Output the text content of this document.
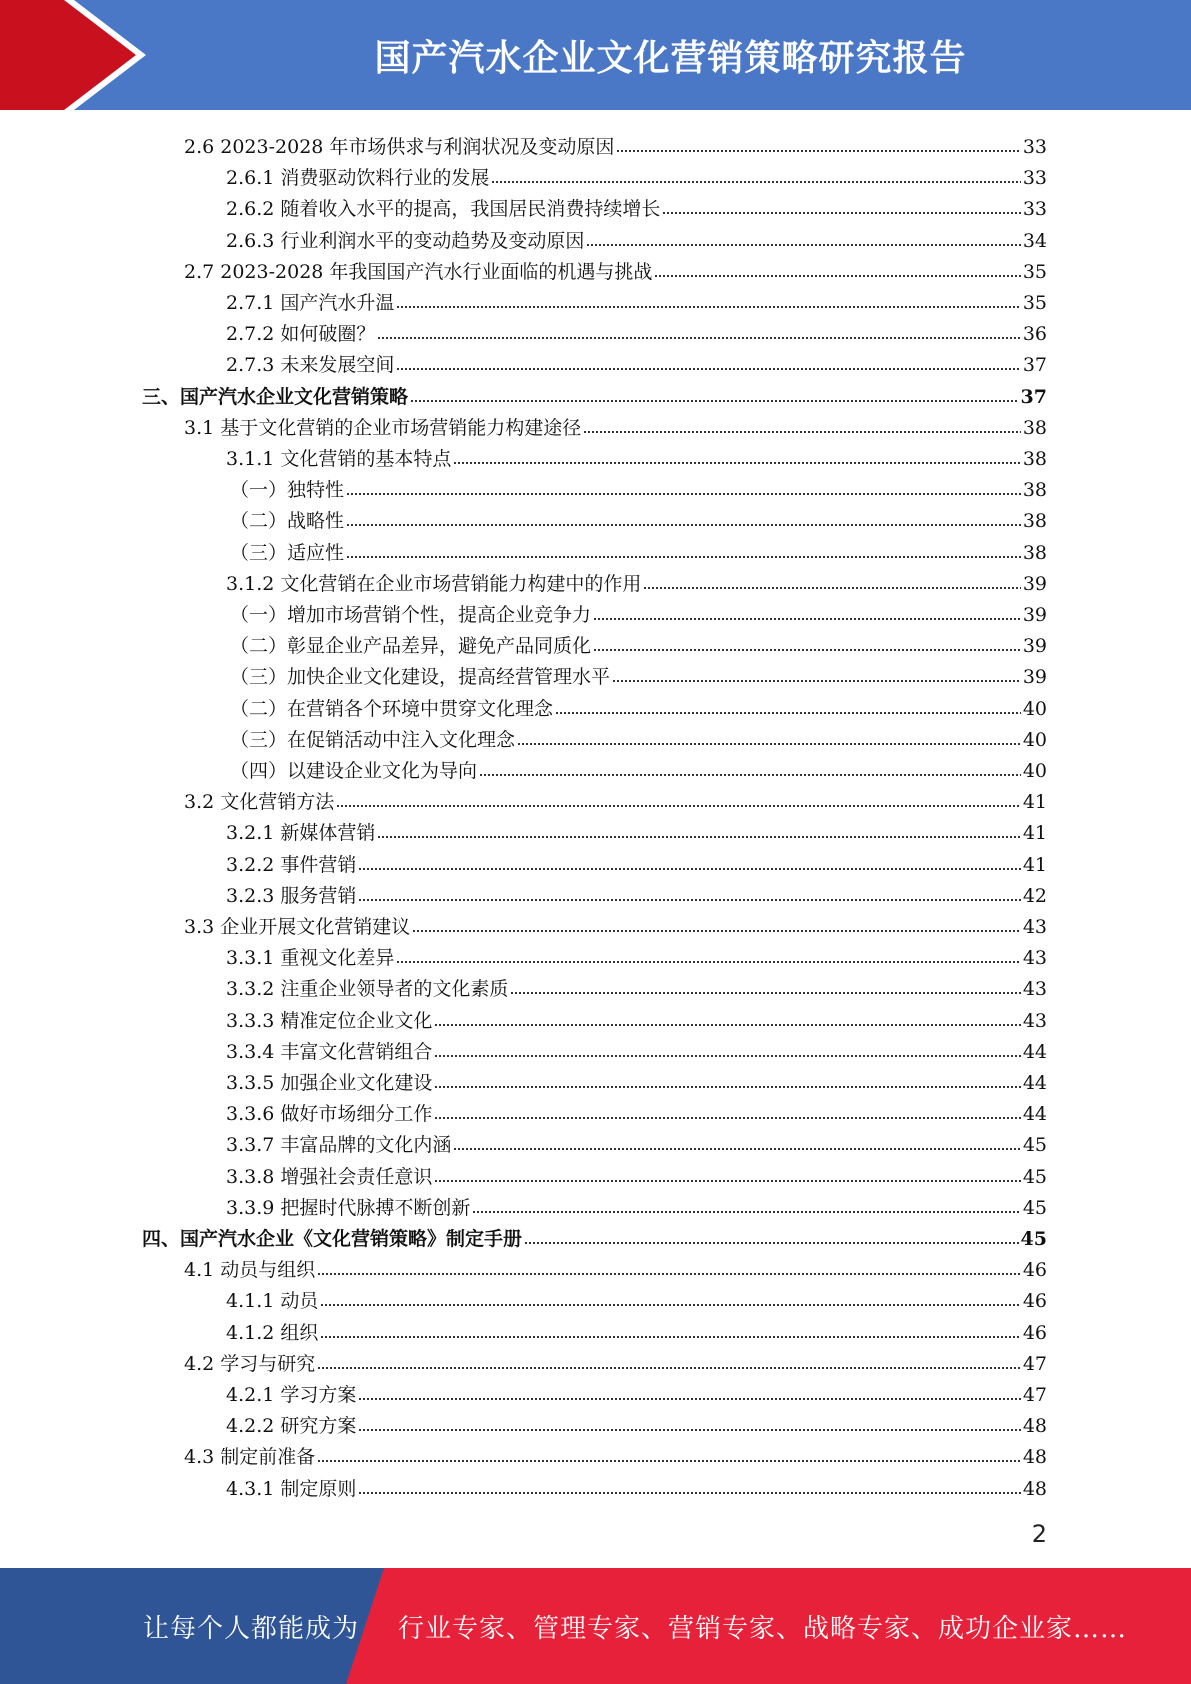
国产汽水企业文化营销策略研究报告
2.6 2023-2028 年市场供求与利润状况及变动原因	33
2.6.1 消费驱动饮料行业的发展	33
2.6.2 随着收入水平的提高，我国居民消费持续增长	33
2.6.3 行业利润水平的变动趋势及变动原因	34
2.7 2023-2028 年我国国产汽水行业面临的机遇与挑战	35
2.7.1 国产汽水升温	35
2.7.2 如何破圈？	36
2.7.3 未来发展空间	37
三、国产汽水企业文化营销策略	37
3.1 基于文化营销的企业市场营销能力构建途径	38
3.1.1 文化营销的基本特点	38
（一）独特性	38
（二）战略性	38
（三）适应性	38
3.1.2 文化营销在企业市场营销能力构建中的作用	39
（一）增加市场营销个性，提高企业竞争力	39
（二）彰显企业产品差异，避免产品同质化	39
（三）加快企业文化建设，提高经营管理水平	39
（二）在营销各个环境中贯穿文化理念	40
（三）在促销活动中注入文化理念	40
（四）以建设企业文化为导向	40
3.2 文化营销方法	41
3.2.1 新媒体营销	41
3.2.2 事件营销	41
3.2.3 服务营销	42
3.3 企业开展文化营销建议	43
3.3.1 重视文化差异	43
3.3.2 注重企业领导者的文化素质	43
3.3.3 精准定位企业文化	43
3.3.4 丰富文化营销组合	44
3.3.5 加强企业文化建设	44
3.3.6 做好市场细分工作	44
3.3.7 丰富品牌的文化内涵	45
3.3.8 增强社会责任意识	45
3.3.9 把握时代脉搏不断创新	45
四、国产汽水企业《文化营销策略》制定手册	45
4.1 动员与组织	46
4.1.1 动员	46
4.1.2 组织	46
4.2 学习与研究	47
4.2.1 学习方案	47
4.2.2 研究方案	48
4.3 制定前准备	48
4.3.1 制定原则	48
2
让每个人都能成为 行业专家、管理专家、营销专家、战略专家、成功企业家……
